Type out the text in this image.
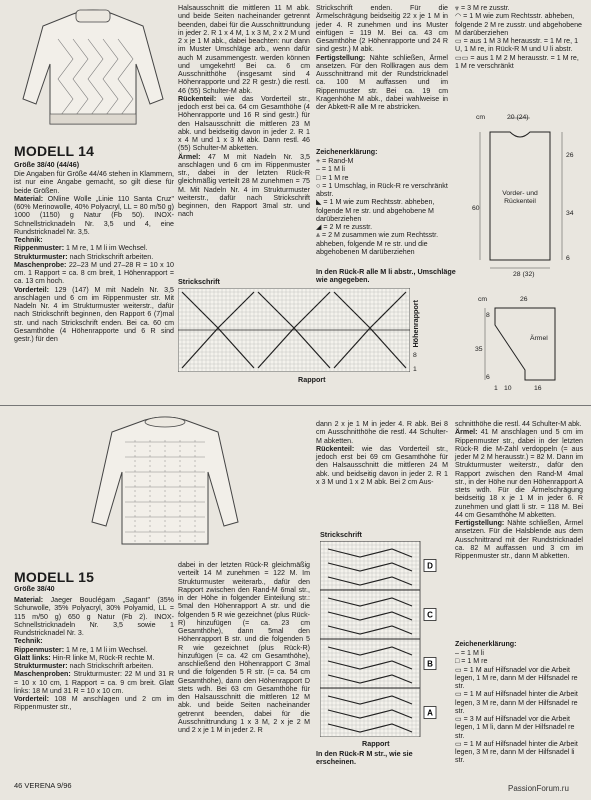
MODELL 14
Größe 38/40 (44/46)

Die Angaben für Größe 44/46 stehen in Klammern, ist nur eine Angabe gemacht, so gilt diese für beide Größen.

Material: ONline Wolle „Linie 110 Santa Cruz" (60% Merinowolle, 40% Polyacryl, LL = 80 m/50 g) 1000 (1150) g Natur (Fb 50). INOX-Schnellstricknadeln Nr. 3,5 und 4, eine Rundstricknadel Nr. 3,5.

Technik:

Rippenmuster: 1 M re, 1 M li im Wechsel.

Strukturmuster: nach Strickschrift arbeiten.

Maschenprobe: 22–23 M und 27–28 R = 10 x 10 cm. 1 Rapport = ca. 8 cm breit, 1 Höhenrapport = ca. 13 cm hoch.

Vorderteil: 129 (147) M mit Nadeln Nr. 3,5 anschlagen und 6 cm im Rippenmuster str. Mit Nadeln Nr. 4 im Strukturmuster weiterstr., dafür nach Strickschrift beginnen, den Rapport 6 (7)mal str. und nach Strickschrift enden. Bei ca. 60 cm Gesamthöhe (4 Höhenrapporte und 6 R sind gestr.) für den

Halsausschnitt die mittleren 11 M abk. und beide Seiten nacheinander getrennt beenden, dabei für die Ausschnittrundung in jeder 2. R 1 x 4 M, 1 x 3 M, 2 x 2 M und 2 x je 1 M abk., dabei beachten: nur dann im Muster Umschläge arb., wenn dafür auch M zusammengestr. werden können und umgekehrt! Bei ca. 6 cm Ausschnitthöhe (insgesamt sind 4 Höhenrapporte und 22 R gestr.) die restl. 46 (55) Schulter-M abk.

Rückenteil: wie das Vorderteil str., jedoch erst bei ca. 64 cm Gesamthöhe (4 Höhenrapporte und 16 R sind gestr.) für den Halsausschnitt die mittleren 23 M abk. und beidseitig davon in jeder 2. R 1 x 4 M und 1 x 3 M abk. Dann restl. 46 (55) Schulter-M abketten.

Ärmel: 47 M mit Nadeln Nr. 3,5 anschlagen und 6 cm im Rippenmuster str., dabei in der letzten Rück-R gleichmäßig verteilt 28 M zunehmen = 75 M. Mit Nadeln Nr. 4 im Strukturmuster weiterstr., dafür nach Strickschrift beginnen, den Rapport 3mal str. und nach

Strickschrift enden. Für die Ärmelschrägung beidseitig 22 x je 1 M in jeder 4. R zunehmen und ins Muster einfügen = 119 M. Bei ca. 43 cm Gesamthöhe (2 Höhenrapporte und 24 R sind gestr.) M abk.

Fertigstellung: Nähte schließen, Ärmel ansetzen. Für den Rollkragen aus dem Ausschnittrand mit der Rundstricknadel ca. 100 M auffassen und im Rippenmuster str. Bei ca. 19 cm Kragenhöhe M abk., dabei wahlweise in der Abkett-R alle M re abstricken.

Zeichenerklärung:
+ = Rand-M
– = 1 M li
□ = 1 M re
○ = 1 Umschlag, in Rück-R re verschränkt abstr.
◣ = 1 M wie zum Rechtsstr. abheben, folgende M re str. und abgehobene M darüberziehen
◢ = 2 M re zusstr.
⩓ = 2 M zusammen wie zum Rechtsstr. abheben, folgende M re str. und die abgehobenen M darüberziehen
⩔ = 3 M re zusstr.
◠ = 1 M wie zum Rechtsstr. abheben, folgende 2 M re zusstr. und abgehobene M darüberziehen
▭ = aus 1 M 3 M herausstr. = 1 M re, 1 U, 1 M re, in Rück-R M und U li abstr.
▭▭ = aus 1 M 2 M herausstr. = 1 M re, 1 M re verschränkt
In den Rück-R alle M li abstr., Umschläge wie angegeben.
Strickschrift
Rapport
Höhenrapport
1
8
cm	20 (24)
26
60
34
Vorder- und Rückenteil
28 (32)
6
cm	26
8
35
Ärmel
6
10	16
1
MODELL 15
Größe 38/40

Material: Jaeger Bouclégam „Sagant" (35% Schurwolle, 35% Polyacryl, 30% Polyamid, LL = 115 m/50 g) 650 g Natur (Fb 2). INOX-Schnellstricknadeln Nr. 3,5 sowie 1 Rundstricknadel Nr. 3.

Technik:

Rippenmuster: 1 M re, 1 M li im Wechsel.

Glatt links: Hin-R linke M, Rück-R rechte M.

Strukturmuster: nach Strickschrift arbeiten.

Maschenproben: Strukturmuster: 22 M und 31 R = 10 x 10 cm, 1 Rapport = ca. 9 cm breit. Glatt links: 18 M und 31 R = 10 x 10 cm.

Vorderteil: 108 M anschlagen und 2 cm im Rippenmuster str.,

dabei in der letzten Rück-R gleichmäßig verteilt 14 M zunehmen = 122 M. Im Strukturmuster weiterarb., dafür den Rapport zwischen den Rand-M 6mal str., in der Höhe in folgender Einteilung str.: 5mal den Höhenrapport A str. und die folgenden 5 R wie gezeichnet (plus Rück-R) hinzufügen (= ca. 23 cm Gesamthöhe), dann 5mal den Höhenrapport B str. und die folgenden 5 R wie gezeichnet (plus Rück-R) hinzufügen (= ca. 42 cm Gesamthöhe), anschließend den Höhenrapport C 3mal und die folgenden 5 R str. (= ca. 54 cm Gesamthöhe), dann den Höhenrapport D stets wdh. Bei 63 cm Gesamthöhe für den Halsausschnitt die mittleren 12 M abk. und beide Seiten nacheinander getrennt beenden, dabei für die Ausschnittrundung 1 x 3 M, 2 x je 2 M und 2 x je 1 M in jeder 2. R

dann 2 x je 1 M in jeder 4. R abk. Bei 8 cm Ausschnitthöhe die restl. 44 Schulter-M abketten.

Rückenteil: wie das Vorderteil str., jedoch erst bei 69 cm Gesamthöhe für den Halsausschnitt die mittleren 24 M abk. und beidseitig davon in jeder 2. R 1 x 3 M und 1 x 2 M abk. Bei 2 cm Aus-

schnitthöhe die restl. 44 Schulter-M abk.

Ärmel: 41 M anschlagen und 5 cm im Rippenmuster str., dabei in der letzten Rück-R die M-Zahl verdoppeln (= aus jeder M 2 M herausstr.) = 82 M. Dann im Strukturmuster weiterstr., dafür den Rapport zwischen den Rand-M 4mal str., in der Höhe nur den Höhenrapport A stets wdh. Für die Ärmelschrägung beidseitig 18 x je 1 M in jeder 6. R zunehmen und glatt li str. = 118 M. Bei 44 cm Gesamthöhe M abketten.

Fertigstellung: Nähte schließen, Ärmel ansetzen. Für die Halsblende aus dem Ausschnittrand mit der Rundstricknadel ca. 82 M auffassen und 3 cm im Rippenmuster str., dann M abketten.

Strickschrift
D
C
B
A
Rapport
In den Rück-R M str., wie sie erscheinen.
Zeichenerklärung:
– = 1 M li
□ = 1 M re
▭ = 1 M auf Hilfsnadel vor die Arbeit legen, 1 M re, dann M der Hilfsnadel re str.
▭ = 1 M auf Hilfsnadel hinter die Arbeit legen, 3 M re, dann M der Hilfsnadel re str.
▭ = 3 M auf Hilfsnadel vor die Arbeit legen, 1 M li, dann M der Hilfsnadel re str.
▭ = 1 M auf Hilfsnadel hinter die Arbeit legen, 3 M re, dann M der Hilfsnadel li str.
46 VERENA 9/96	PassionForum.ru
